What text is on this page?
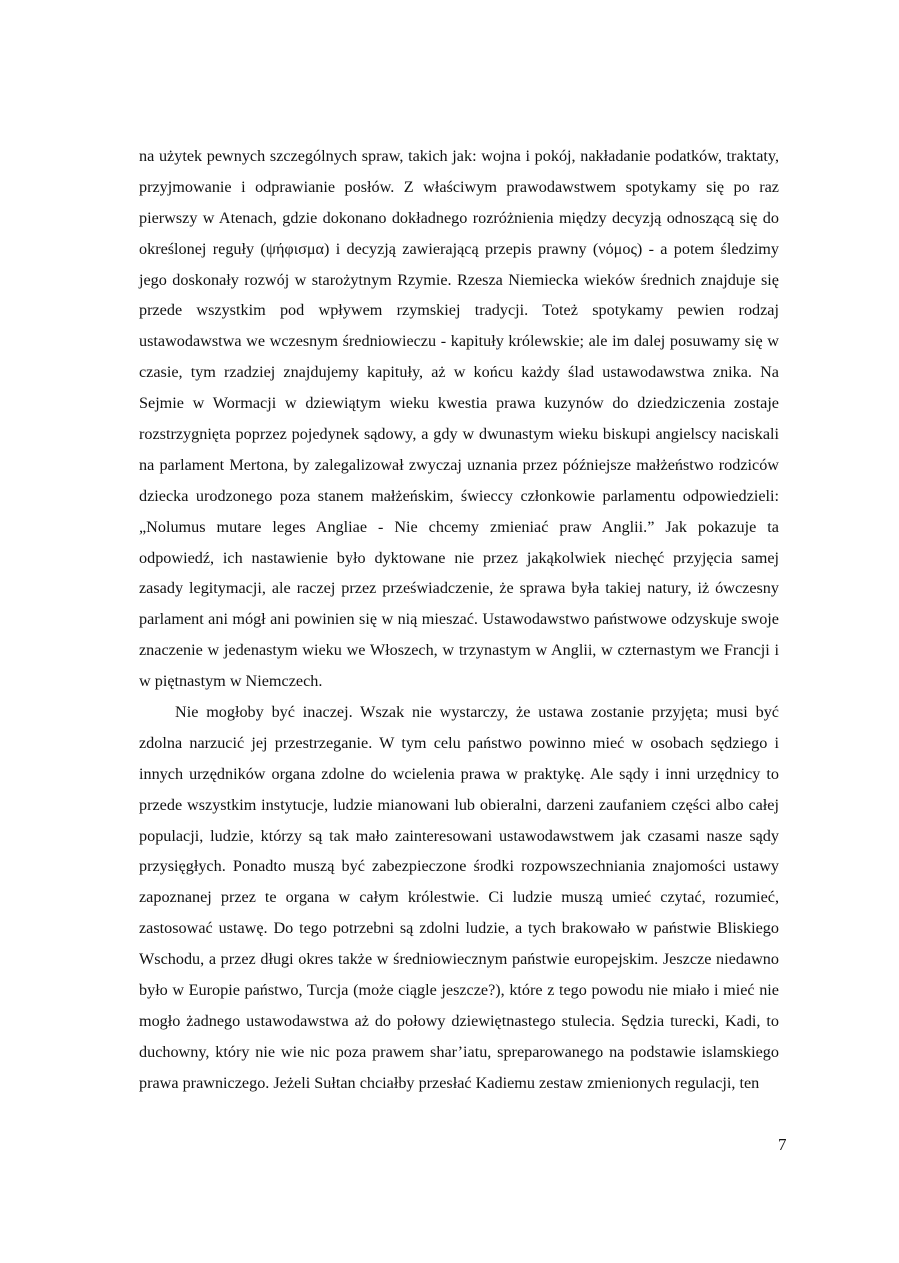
na użytek pewnych szczególnych spraw, takich jak: wojna i pokój, nakładanie podatków, traktaty,
przyjmowanie i odprawianie posłów. Z właściwym prawodawstwem spotykamy się po raz
pierwszy w Atenach, gdzie dokonano dokładnego rozróżnienia między decyzją odnoszącą się do
określonej reguły (ψήφισμα) i decyzją zawierającą przepis prawny (νόμος) - a potem śledzimy
jego doskonały rozwój w starożytnym Rzymie. Rzesza Niemiecka wieków średnich znajduje się
przede wszystkim pod wpływem rzymskiej tradycji. Toteż spotykamy pewien rodzaj
ustawodawstwa we wczesnym średniowieczu - kapituły królewskie; ale im dalej posuwamy się w
czasie, tym rzadziej znajdujemy kapituły, aż w końcu każdy ślad ustawodawstwa znika. Na
Sejmie w Wormacji w dziewiątym wieku kwestia prawa kuzynów do dziedziczenia zostaje
rozstrzygnięta poprzez pojedynek sądowy, a gdy w dwunastym wieku biskupi angielscy naciskali
na parlament Mertona, by zalegalizował zwyczaj uznania przez późniejsze małżeństwo rodziców
dziecka urodzonego poza stanem małżeńskim, świeccy członkowie parlamentu odpowiedzieli:
„Nolumus mutare leges Angliae - Nie chcemy zmieniać praw Anglii.” Jak pokazuje ta
odpowiedź, ich nastawienie było dyktowane nie przez jakąkolwiek niechęć przyjęcia samej
zasady legitymacji, ale raczej przez przeświadczenie, że sprawa była takiej natury, iż ówczesny
parlament ani mógł ani powinien się w nią mieszać. Ustawodawstwo państwowe odzyskuje swoje
znaczenie w jedenastym wieku we Włoszech, w trzynastym w Anglii, w czternastym we Francji i
w piętnastym w Niemczech.
Nie mogłoby być inaczej. Wszak nie wystarczy, że ustawa zostanie przyjęta; musi być
zdolna narzucić jej przestrzeganie. W tym celu państwo powinno mieć w osobach sędziego i
innych urzędników organa zdolne do wcielenia prawa w praktykę. Ale sądy i inni urzędnicy to
przede wszystkim instytucje, ludzie mianowani lub obieralni, darzeni zaufaniem części albo całej
populacji, ludzie, którzy są tak mało zainteresowani ustawodawstwem jak czasami nasze sądy
przysięgłych. Ponadto muszą być zabezpieczone środki rozpowszechniania znajomości ustawy
zapoznanej przez te organa w całym królestwie. Ci ludzie muszą umieć czytać, rozumieć,
zastosować ustawę. Do tego potrzebni są zdolni ludzie, a tych brakowało w państwie Bliskiego
Wschodu, a przez długi okres także w średniowiecznym państwie europejskim. Jeszcze niedawno
było w Europie państwo, Turcja (może ciągle jeszcze?), które z tego powodu nie miało i mieć nie
mogło żadnego ustawodawstwa aż do połowy dziewiętnastego stulecia. Sędzia turecki, Kadi, to
duchowny, który nie wie nic poza prawem shar’iatu, spreparowanego na podstawie islamskiego
prawa prawniczego. Jeżeli Sułtan chciałby przesłać Kadiemu zestaw zmienionych regulacji, ten
7
